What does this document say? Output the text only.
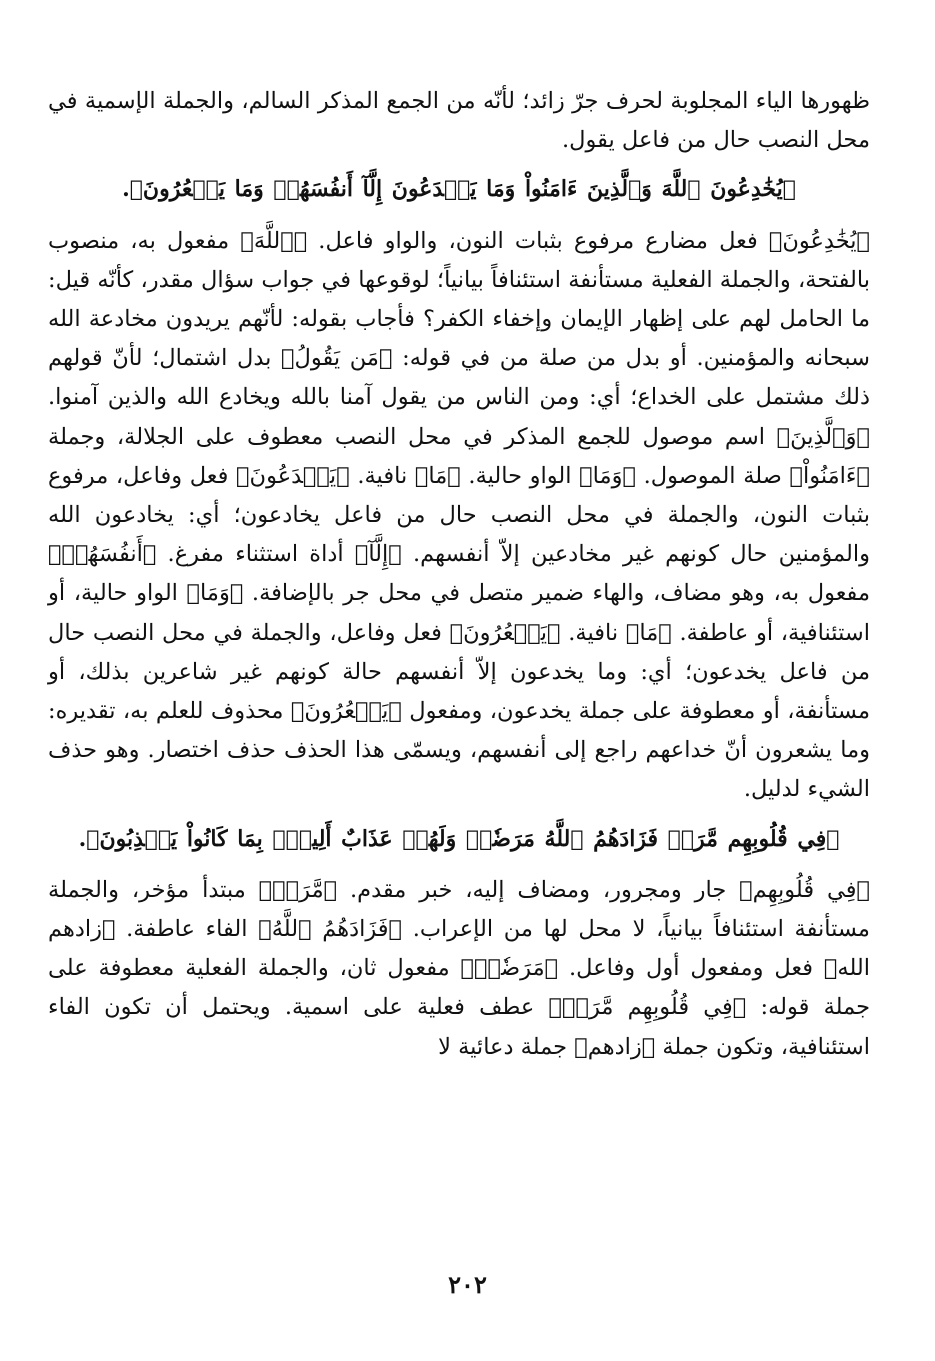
ظهورها الياء المجلوبة لحرف جرّ زائد؛ لأنّه من الجمع المذكر السالم، والجملة الإسمية في محل النصب حال من فاعل يقول.

﴿يُخَٰدِعُونَ ٱللَّهَ وَٱلَّذِينَ ءَامَنُواْ وَمَا يَخۡدَعُونَ إِلَّآ أَنفُسَهُمۡ وَمَا يَشۡعُرُونَ﴾.

﴿يُخَٰدِعُونَ﴾ فعل مضارع مرفوع بثبات النون، والواو فاعل. ﴿ٱللَّهَ﴾ مفعول به، منصوب بالفتحة، والجملة الفعلية مستأنفة استئنافاً بيانياً؛ لوقوعها في جواب سؤال مقدر، كأنّه قيل: ما الحامل لهم على إظهار الإيمان وإخفاء الكفر؟ فأجاب بقوله: لأنّهم يريدون مخادعة الله سبحانه والمؤمنين. أو بدل من صلة من في قوله: ﴿مَن يَقُولُ﴾ بدل اشتمال؛ لأنّ قولهم ذلك مشتمل على الخداع؛ أي: ومن الناس من يقول آمنا بالله ويخادع الله والذين آمنوا. ﴿وَٱلَّذِينَ﴾ اسم موصول للجمع المذكر في محل النصب معطوف على الجلالة، وجملة ﴿ءَامَنُواْ﴾ صلة الموصول. ﴿وَمَا﴾ الواو حالية. ﴿مَا﴾ نافية. ﴿يَخۡدَعُونَ﴾ فعل وفاعل، مرفوع بثبات النون، والجملة في محل النصب حال من فاعل يخادعون؛ أي: يخادعون الله والمؤمنين حال كونهم غير مخادعين إلاّ أنفسهم. ﴿إِلَّآ﴾ أداة استثناء مفرغ. ﴿أَنفُسَهُمۡ﴾ مفعول به، وهو مضاف، والهاء ضمير متصل في محل جر بالإضافة. ﴿وَمَا﴾ الواو حالية، أو استئنافية، أو عاطفة. ﴿مَا﴾ نافية. ﴿يَشۡعُرُونَ﴾ فعل وفاعل، والجملة في محل النصب حال من فاعل يخدعون؛ أي: وما يخدعون إلاّ أنفسهم حالة كونهم غير شاعرين بذلك، أو مستأنفة، أو معطوفة على جملة يخدعون، ومفعول ﴿يَشۡعُرُونَ﴾ محذوف للعلم به، تقديره: وما يشعرون أنّ خداعهم راجع إلى أنفسهم، ويسمّى هذا الحذف حذف اختصار. وهو حذف الشيء لدليل.

﴿فِي قُلُوبِهِم مَّرَضٞ فَزَادَهُمُ ٱللَّهُ مَرَضٗاۖ وَلَهُمۡ عَذَابٌ أَلِيمُۢ بِمَا كَانُواْ يَكۡذِبُونَ﴾.

﴿فِي قُلُوبِهِم﴾ جار ومجرور، ومضاف إليه، خبر مقدم. ﴿مَّرَضٞ﴾ مبتدأ مؤخر، والجملة مستأنفة استئنافاً بيانياً، لا محل لها من الإعراب. ﴿فَزَادَهُمُ ٱللَّهُ﴾ الفاء عاطفة. ﴿زادهم الله﴾ فعل ومفعول أول وفاعل. ﴿مَرَضٗاۖ﴾ مفعول ثان، والجملة الفعلية معطوفة على جملة قوله: ﴿فِي قُلُوبِهِم مَّرَضٞ﴾ عطف فعلية على اسمية. ويحتمل أن تكون الفاء استئنافية، وتكون جملة ﴿زادهم﴾ جملة دعائية لا

٢٠٢
